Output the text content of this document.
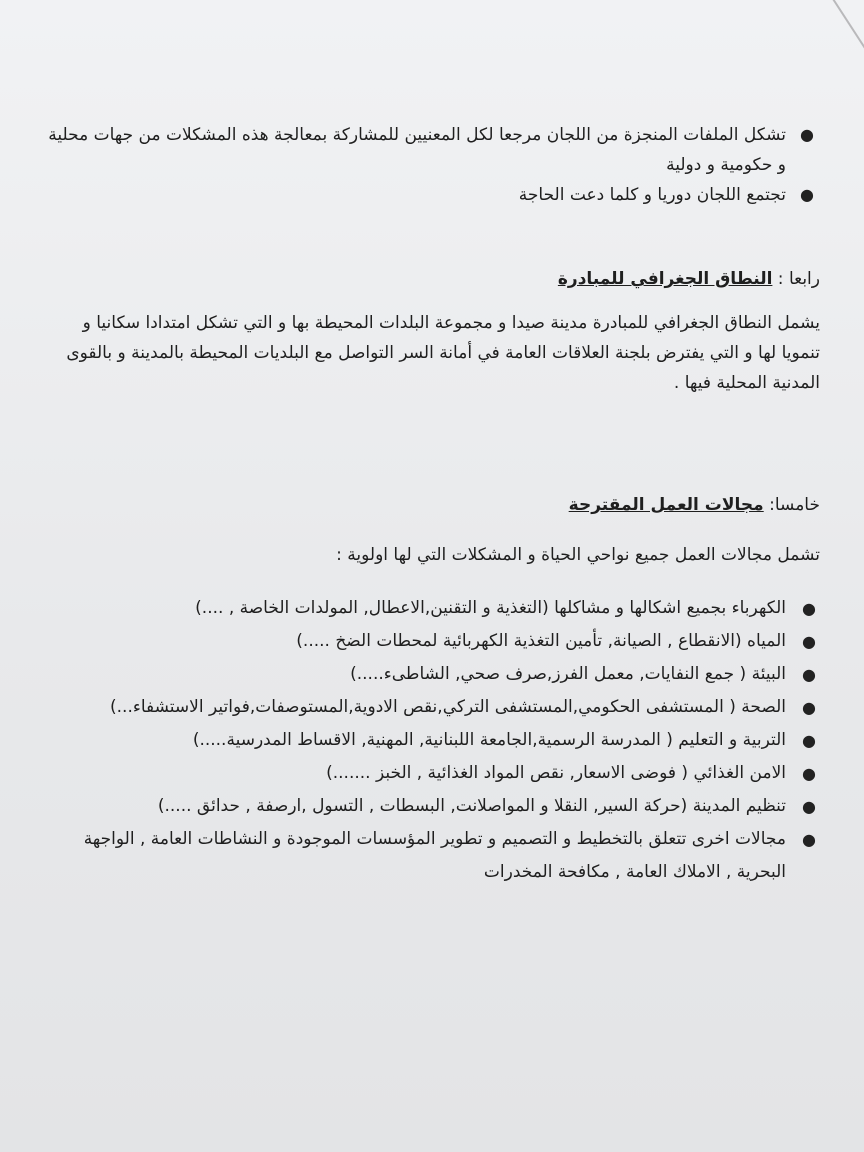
●
تشكل الملفات المنجزة من اللجان مرجعا لكل المعنيين للمشاركة بمعالجة هذه المشكلات من جهات محلية و حكومية و دولية
●
تجتمع اللجان دوريا و كلما دعت الحاجة
رابعا : النطاق الجغرافي للمبادرة

يشمل النطاق الجغرافي للمبادرة مدينة صيدا و مجموعة البلدات المحيطة بها و التي تشكل امتدادا سكانيا و تنمويا لها و التي يفترض بلجنة العلاقات العامة في أمانة السر التواصل مع البلديات المحيطة بالمدينة و بالقوى المدنية المحلية فيها .

خامسا: مجالات العمل المقترحة

تشمل مجالات العمل جميع نواحي الحياة و المشكلات التي لها اولوية :

●
الكهرباء بجميع اشكالها و مشاكلها (التغذية و التقنين,الاعطال, المولدات الخاصة , ....)
●
المياه (الانقطاع , الصيانة, تأمين التغذية الكهربائية لمحطات الضخ .....)
●
البيئة ( جمع النفايات, معمل الفرز,صرف صحي, الشاطىء.....)
●
الصحة ( المستشفى الحكومي,المستشفى التركي,نقص الادوية,المستوصفات,فواتير الاستشفاء...)
●
التربية و التعليم ( المدرسة الرسمية,الجامعة اللبنانية, المهنية, الاقساط المدرسية.....)
●
الامن الغذائي ( فوضى الاسعار, نقص المواد الغذائية , الخبز .......)
●
تنظيم المدينة (حركة السير, النقلا و المواصلانت, البسطات , التسول ,ارصفة , حدائق .....)
●
مجالات اخرى تتعلق بالتخطيط و التصميم و تطوير المؤسسات الموجودة و النشاطات العامة , الواجهة البحرية , الاملاك العامة , مكافحة المخدرات
